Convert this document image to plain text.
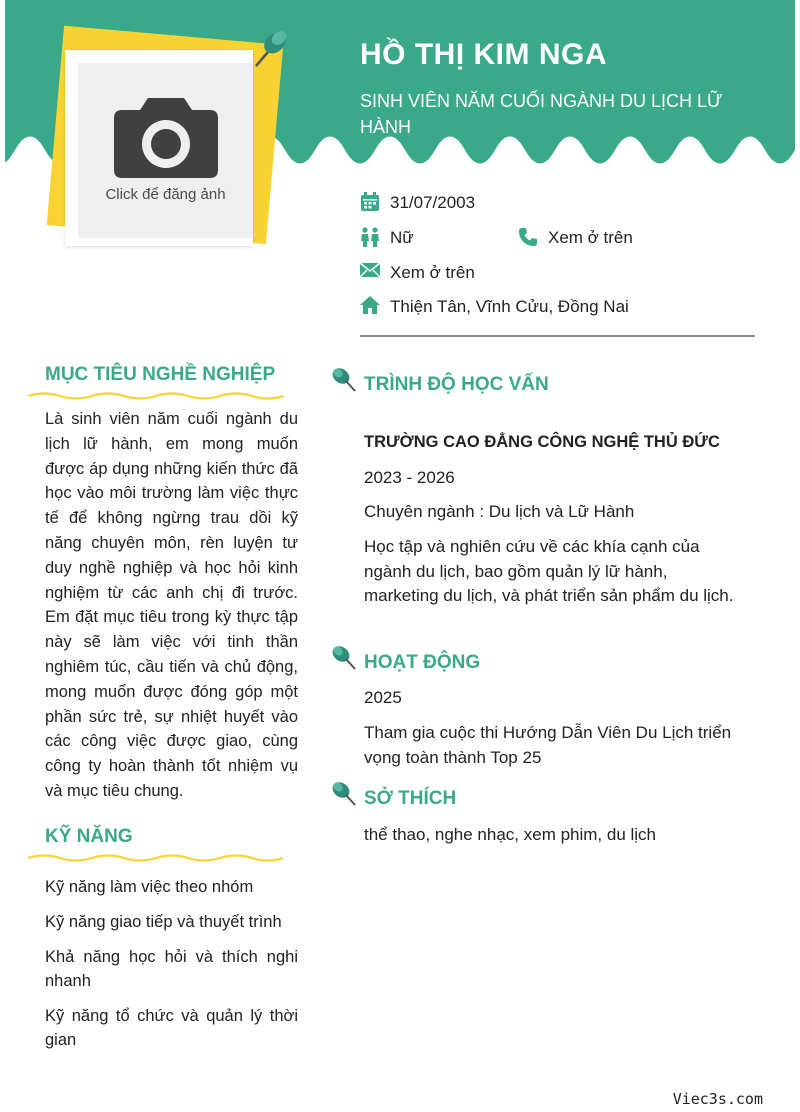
Click để đăng ảnh
HỒ THỊ KIM NGA
SINH VIÊN NĂM CUỐI NGÀNH DU LỊCH LỮ HÀNH
31/07/2003
Nữ	Xem ở trên
Xem ở trên
Thiện Tân, Vĩnh Cửu, Đồng Nai
MỤC TIÊU NGHỀ NGHIỆP
Là sinh viên năm cuối ngành du lịch lữ hành, em mong muốn được áp dụng những kiến thức đã học vào môi trường làm việc thực tế để không ngừng trau dồi kỹ năng chuyên môn, rèn luyện tư duy nghề nghiệp và học hỏi kinh nghiệm từ các anh chị đi trước. Em đặt mục tiêu trong kỳ thực tập này sẽ làm việc với tinh thần nghiêm túc, cầu tiến và chủ động, mong muốn được đóng góp một phần sức trẻ, sự nhiệt huyết vào các công việc được giao, cùng công ty hoàn thành tốt nhiệm vụ và mục tiêu chung.
KỸ NĂNG
Kỹ năng làm việc theo nhóm
Kỹ năng giao tiếp và thuyết trình
Khả năng học hỏi và thích nghi nhanh
Kỹ năng tổ chức và quản lý thời gian
TRÌNH ĐỘ HỌC VẤN
TRƯỜNG CAO ĐẲNG CÔNG NGHỆ THỦ ĐỨC
2023 - 2026
Chuyên ngành : Du lịch và Lữ Hành
Học tập và nghiên cứu về các khía cạnh của ngành du lịch, bao gồm quản lý lữ hành, marketing du lịch, và phát triển sản phẩm du lịch.
HOẠT ĐỘNG
2025
Tham gia cuộc thi Hướng Dẫn Viên Du Lịch triển vọng toàn thành Top 25
SỞ THÍCH
thể thao, nghe nhạc, xem phim, du lịch
Viec3s.com
